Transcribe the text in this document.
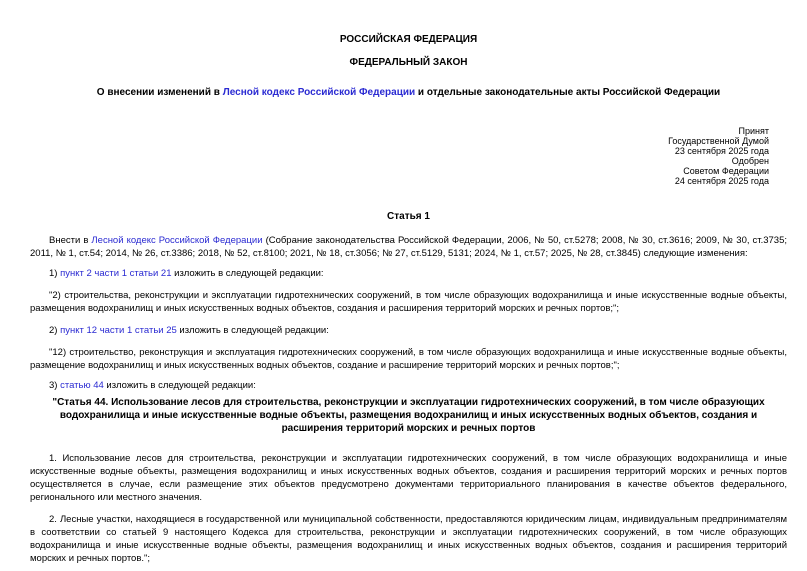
РОССИЙСКАЯ ФЕДЕРАЦИЯ
ФЕДЕРАЛЬНЫЙ ЗАКОН
О внесении изменений в Лесной кодекс Российской Федерации и отдельные законодательные акты Российской Федерации
Принят
Государственной Думой
23 сентября 2025 года
Одобрен
Советом Федерации
24 сентября 2025 года
Статья 1

Внести в Лесной кодекс Российской Федерации (Собрание законодательства Российской Федерации, 2006, № 50, ст.5278; 2008, № 30, ст.3616; 2009, № 30, ст.3735; 2011, № 1, ст.54; 2014, № 26, ст.3386; 2018, № 52, ст.8100; 2021, № 18, ст.3056; № 27, ст.5129, 5131; 2024, № 1, ст.57; 2025, № 28, ст.3845) следующие изменения:

1) пункт 2 части 1 статьи 21 изложить в следующей редакции:

"2) строительства, реконструкции и эксплуатации гидротехнических сооружений, в том числе образующих водохранилища и иные искусственные водные объекты, размещения водохранилищ и иных искусственных водных объектов, создания и расширения территорий морских и речных портов;";

2) пункт 12 части 1 статьи 25 изложить в следующей редакции:

"12) строительство, реконструкция и эксплуатация гидротехнических сооружений, в том числе образующих водохранилища и иные искусственные водные объекты, размещение водохранилищ и иных искусственных водных объектов, создание и расширение территорий морских и речных портов;";

3) статью 44 изложить в следующей редакции:

"Статья 44. Использование лесов для строительства, реконструкции и эксплуатации гидротехнических сооружений, в том числе образующих водохранилища и иные искусственные водные объекты, размещения водохранилищ и иных искусственных водных объектов, создания и расширения территорий морских и речных портов

1. Использование лесов для строительства, реконструкции и эксплуатации гидротехнических сооружений, в том числе образующих водохранилища и иные искусственные водные объекты, размещения водохранилищ и иных искусственных водных объектов, создания и расширения территорий морских и речных портов осуществляется в случае, если размещение этих объектов предусмотрено документами территориального планирования в качестве объектов федерального, регионального или местного значения.

2. Лесные участки, находящиеся в государственной или муниципальной собственности, предоставляются юридическим лицам, индивидуальным предпринимателям в соответствии со статьей 9 настоящего Кодекса для строительства, реконструкции и эксплуатации гидротехнических сооружений, в том числе образующих водохранилища и иные искусственные водные объекты, размещения водохранилищ и иных искусственных водных объектов, создания и расширения территорий морских и речных портов.";
